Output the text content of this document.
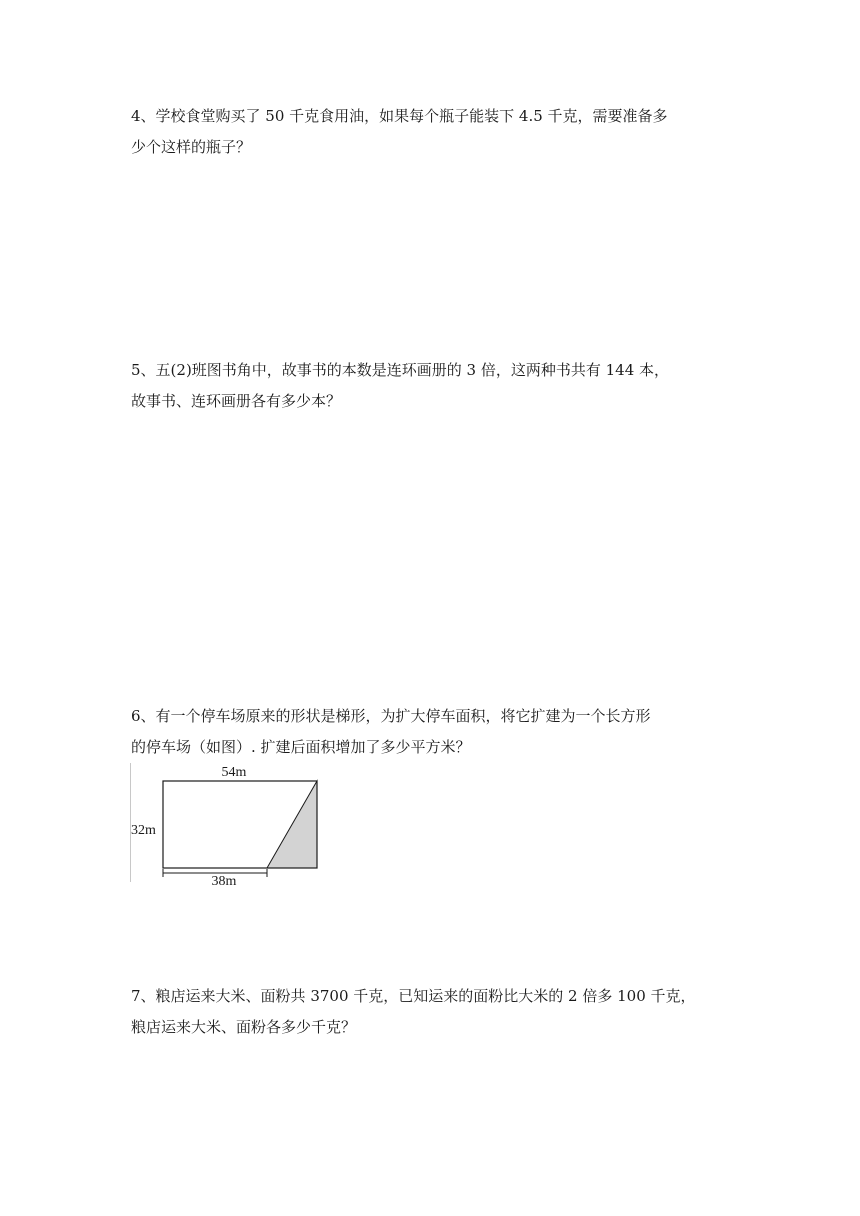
4、学校食堂购买了 50 千克食用油，如果每个瓶子能装下 4.5 千克，需要准备多

少个这样的瓶子？

5、五(2)班图书角中，故事书的本数是连环画册的 3 倍，这两种书共有 144 本，

故事书、连环画册各有多少本？

6、有一个停车场原来的形状是梯形，为扩大停车面积，将它扩建为一个长方形

的停车场（如图）. 扩建后面积增加了多少平方米？

54m
32m
38m

7、粮店运来大米、面粉共 3700 千克，已知运来的面粉比大米的 2 倍多 100 千克，

粮店运来大米、面粉各多少千克？
